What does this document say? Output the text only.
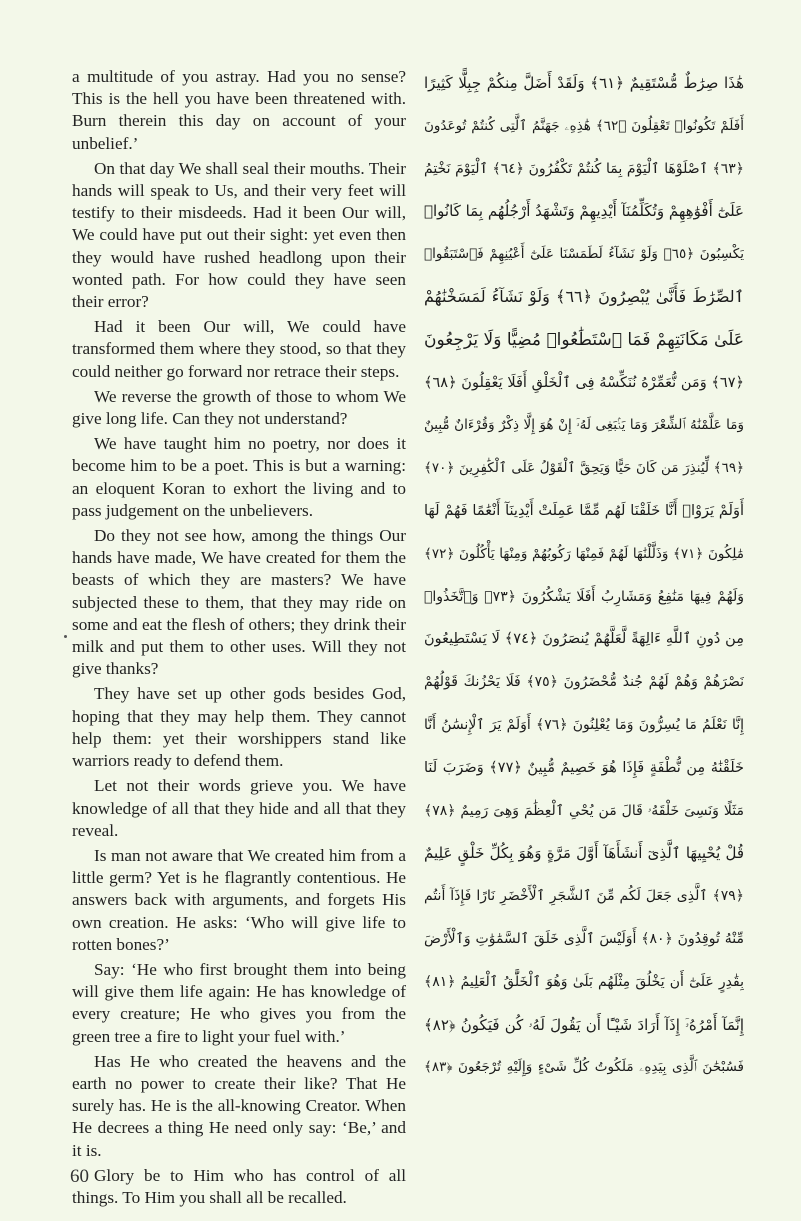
a multitude of you astray. Had you no sense? This is the hell you have been threatened with. Burn therein this day on account of your unbelief.’

On that day We shall seal their mouths. Their hands will speak to Us, and their very feet will testify to their misdeeds. Had it been Our will, We could have put out their sight: yet even then they would have rushed headlong upon their wonted path. For how could they have seen their error?

Had it been Our will, We could have transformed them where they stood, so that they could neither go forward nor retrace their steps.

We reverse the growth of those to whom We give long life. Can they not understand?

We have taught him no poetry, nor does it become him to be a poet. This is but a warning: an eloquent Koran to exhort the living and to pass judgement on the unbelievers.

Do they not see how, among the things Our hands have made, We have created for them the beasts of which they are masters? We have subjected these to them, that they may ride on some and eat the flesh of others; they drink their milk and put them to other uses. Will they not give thanks?

They have set up other gods besides God, hoping that they may help them. They cannot help them: yet their worshippers stand like warriors ready to defend them.

Let not their words grieve you. We have knowledge of all that they hide and all that they reveal.

Is man not aware that We created him from a little germ? Yet is he flagrantly contentious. He answers back with arguments, and forgets His own creation. He asks: ‘Who will give life to rotten bones?’

Say: ‘He who first brought them into being will give them life again: He has knowledge of every creature; He who gives you from the green tree a fire to light your fuel with.’

Has He who created the heavens and the earth no power to create their like? That He surely has. He is the all-knowing Creator. When He decrees a thing He need only say: ‘Be,’ and it is.

Glory be to Him who has control of all things. To Him you shall all be recalled.

هَٰذَا صِرَٰطٌ مُّسْتَقِيمٌ ﴿٦١﴾ وَلَقَدْ أَضَلَّ مِنكُمْ جِبِلًّا كَثِيرًا
أَفَلَمْ تَكُونُوا۟ تَعْقِلُونَ ﴿٦٢﴾ هَٰذِهِۦ جَهَنَّمُ ٱلَّتِى كُنتُمْ تُوعَدُونَ
﴿٦٣﴾ ٱصْلَوْهَا ٱلْيَوْمَ بِمَا كُنتُمْ تَكْفُرُونَ ﴿٦٤﴾ ٱلْيَوْمَ نَخْتِمُ
عَلَىٰٓ أَفْوَٰهِهِمْ وَتُكَلِّمُنَآ أَيْدِيهِمْ وَتَشْهَدُ أَرْجُلُهُم بِمَا كَانُوا۟
يَكْسِبُونَ ﴿٦٥﴾ وَلَوْ نَشَآءُ لَطَمَسْنَا عَلَىٰٓ أَعْيُنِهِمْ فَٱسْتَبَقُوا۟
ٱلصِّرَٰطَ فَأَنَّىٰ يُبْصِرُونَ ﴿٦٦﴾ وَلَوْ نَشَآءُ لَمَسَخْنَٰهُمْ
عَلَىٰ مَكَانَتِهِمْ فَمَا ٱسْتَطَٰعُوا۟ مُضِيًّا وَلَا يَرْجِعُونَ
﴿٦٧﴾ وَمَن نُّعَمِّرْهُ نُنَكِّسْهُ فِى ٱلْخَلْقِ أَفَلَا يَعْقِلُونَ ﴿٦٨﴾
وَمَا عَلَّمْنَٰهُ ٱلشِّعْرَ وَمَا يَنۢبَغِى لَهُۥٓ إِنْ هُوَ إِلَّا ذِكْرٌ وَقُرْءَانٌ مُّبِينٌ
﴿٦٩﴾ لِّيُنذِرَ مَن كَانَ حَيًّا وَيَحِقَّ ٱلْقَوْلُ عَلَى ٱلْكَٰفِرِينَ ﴿٧٠﴾
أَوَلَمْ يَرَوْا۟ أَنَّا خَلَقْنَا لَهُم مِّمَّا عَمِلَتْ أَيْدِينَآ أَنْعَٰمًا فَهُمْ لَهَا
مَٰلِكُونَ ﴿٧١﴾ وَذَلَّلْنَٰهَا لَهُمْ فَمِنْهَا رَكُوبُهُمْ وَمِنْهَا يَأْكُلُونَ ﴿٧٢﴾
وَلَهُمْ فِيهَا مَنَٰفِعُ وَمَشَارِبُ أَفَلَا يَشْكُرُونَ ﴿٧٣﴾ وَٱتَّخَذُوا۟
مِن دُونِ ٱللَّهِ ءَالِهَةً لَّعَلَّهُمْ يُنصَرُونَ ﴿٧٤﴾ لَا يَسْتَطِيعُونَ
نَصْرَهُمْ وَهُمْ لَهُمْ جُندٌ مُّحْضَرُونَ ﴿٧٥﴾ فَلَا يَحْزُنكَ قَوْلُهُمْ
إِنَّا نَعْلَمُ مَا يُسِرُّونَ وَمَا يُعْلِنُونَ ﴿٧٦﴾ أَوَلَمْ يَرَ ٱلْإِنسَٰنُ أَنَّا
خَلَقْنَٰهُ مِن نُّطْفَةٍ فَإِذَا هُوَ خَصِيمٌ مُّبِينٌ ﴿٧٧﴾ وَضَرَبَ لَنَا
مَثَلًا وَنَسِىَ خَلْقَهُۥ قَالَ مَن يُحْىِ ٱلْعِظَٰمَ وَهِىَ رَمِيمٌ ﴿٧٨﴾
قُلْ يُحْيِيهَا ٱلَّذِىٓ أَنشَأَهَآ أَوَّلَ مَرَّةٍ وَهُوَ بِكُلِّ خَلْقٍ عَلِيمٌ
﴿٧٩﴾ ٱلَّذِى جَعَلَ لَكُم مِّنَ ٱلشَّجَرِ ٱلْأَخْضَرِ نَارًا فَإِذَآ أَنتُم
مِّنْهُ تُوقِدُونَ ﴿٨٠﴾ أَوَلَيْسَ ٱلَّذِى خَلَقَ ٱلسَّمَٰوَٰتِ وَٱلْأَرْضَ
بِقَٰدِرٍ عَلَىٰٓ أَن يَخْلُقَ مِثْلَهُم بَلَىٰ وَهُوَ ٱلْخَلَّٰقُ ٱلْعَلِيمُ ﴿٨١﴾
إِنَّمَآ أَمْرُهُۥٓ إِذَآ أَرَادَ شَيْـًٔا أَن يَقُولَ لَهُۥ كُن فَيَكُونُ ﴿٨٢﴾
فَسُبْحَٰنَ ٱلَّذِى بِيَدِهِۦ مَلَكُوتُ كُلِّ شَىْءٍ وَإِلَيْهِ تُرْجَعُونَ ﴿٨٣﴾
60
